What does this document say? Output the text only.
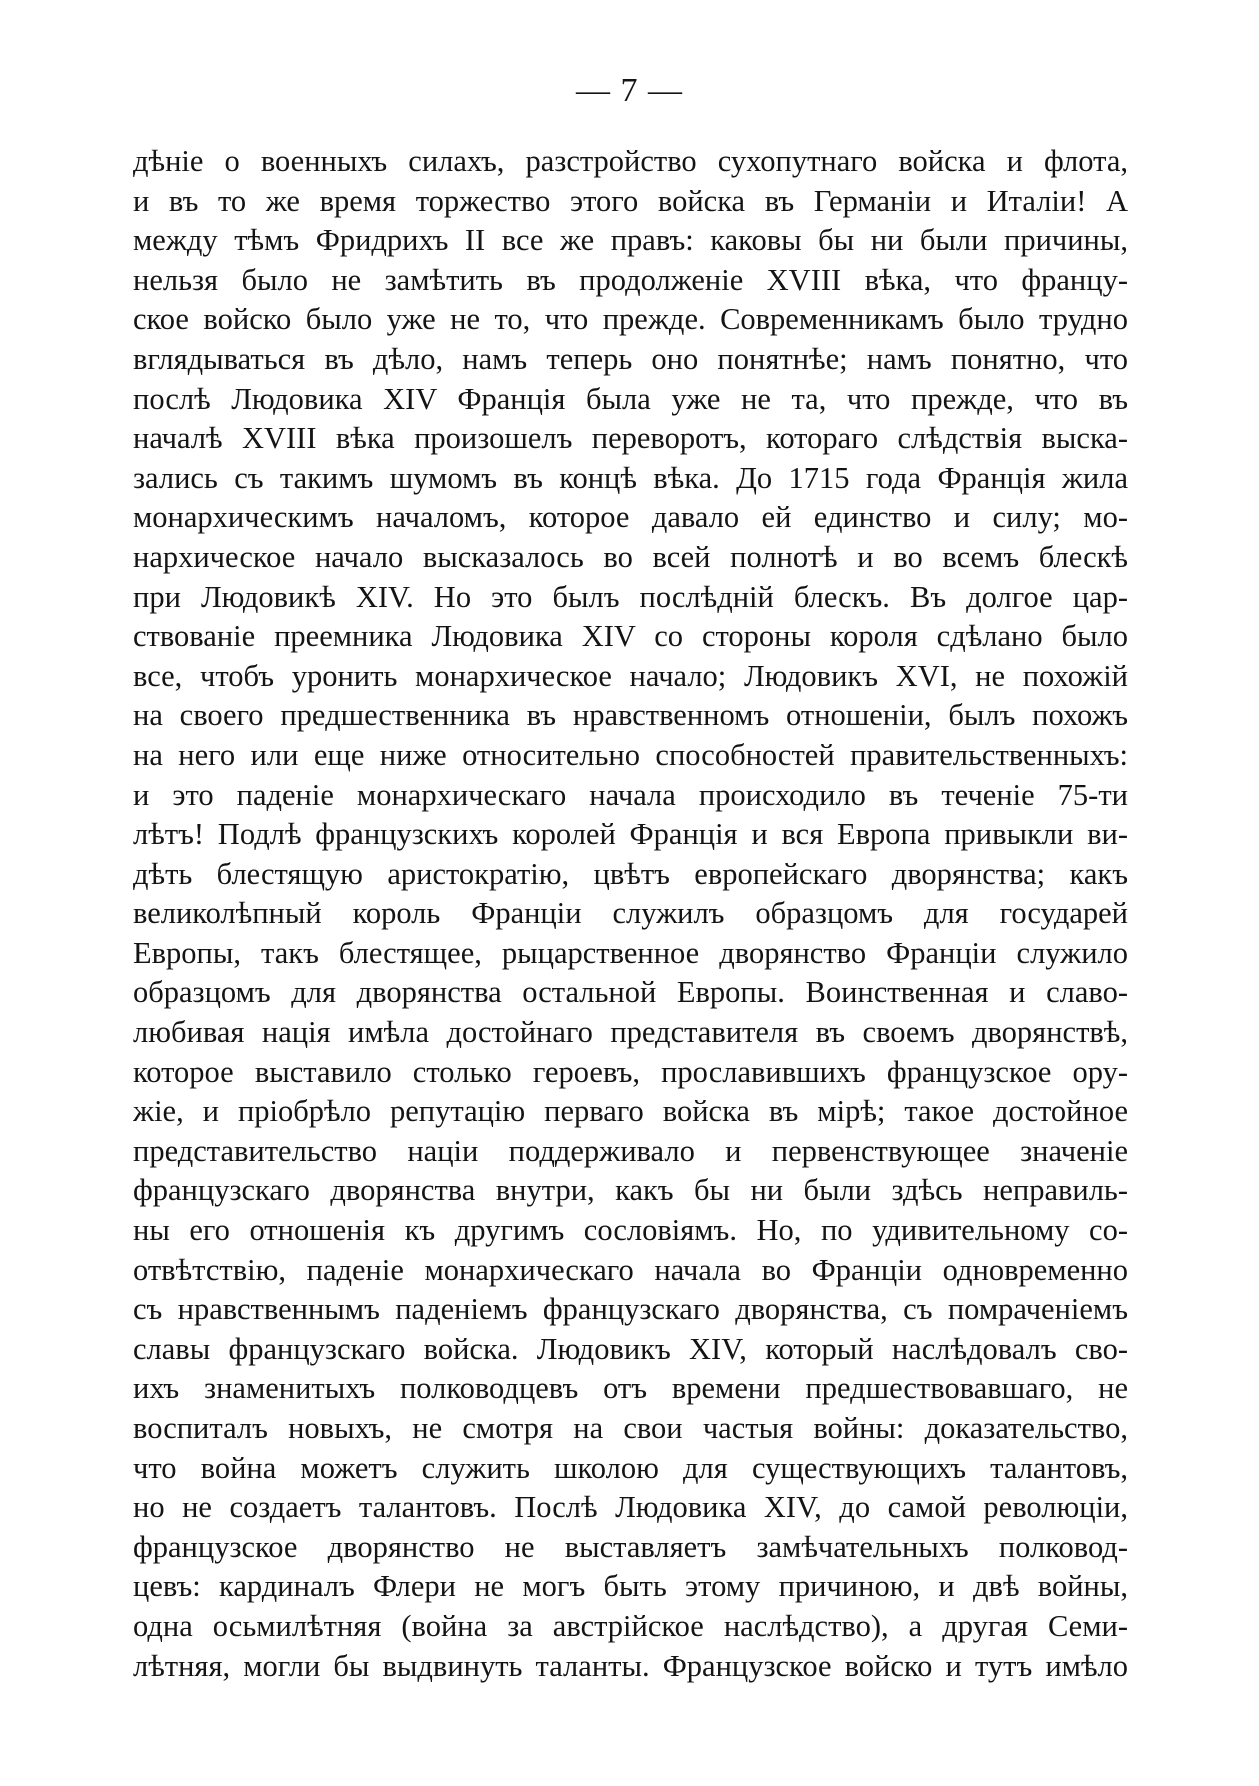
— 7 —
дѣніе о военныхъ силахъ, разстройство сухопутнаго войска и флота,
и въ то же время торжество этого войска въ Германіи и Италіи! А
между тѣмъ Фридрихъ II все же правъ: каковы бы ни были причины,
нельзя было не замѣтить въ продолженіе XVIII вѣка, что францу-
ское войско было уже не то, что прежде. Современникамъ было трудно
вглядываться въ дѣло, намъ теперь оно понятнѣе; намъ понятно, что
послѣ Людовика XIV Франція была уже не та, что прежде, что въ
началѣ XVIII вѣка произошелъ переворотъ, котораго слѣдствія выска-
зались съ такимъ шумомъ въ концѣ вѣка. До 1715 года Франція жила
монархическимъ началомъ, которое давало ей единство и силу; мо-
нархическое начало высказалось во всей полнотѣ и во всемъ блескѣ
при Людовикѣ XIV. Но это былъ послѣдній блескъ. Въ долгое цар-
ствованіе преемника Людовика XIV со стороны короля сдѣлано было
все, чтобъ уронить монархическое начало; Людовикъ XVI, не похожій
на своего предшественника въ нравственномъ отношеніи, былъ похожъ
на него или еще ниже относительно способностей правительственныхъ:
и это паденіе монархическаго начала происходило въ теченіе 75-ти
лѣтъ! Подлѣ французскихъ королей Франція и вся Европа привыкли ви-
дѣть блестящую аристократію, цвѣтъ европейскаго дворянства; какъ
великолѣпный король Франціи служилъ образцомъ для государей
Европы, такъ блестящее, рыцарственное дворянство Франціи служило
образцомъ для дворянства остальной Европы. Воинственная и славо-
любивая нація имѣла достойнаго представителя въ своемъ дворянствѣ,
которое выставило столько героевъ, прославившихъ французское ору-
жіе, и пріобрѣло репутацію перваго войска въ мірѣ; такое достойное
представительство націи поддерживало и первенствующее значеніе
французскаго дворянства внутри, какъ бы ни были здѣсь неправиль-
ны его отношенія къ другимъ сословіямъ. Но, по удивительному со-
отвѣтствію, паденіе монархическаго начала во Франціи одновременно
съ нравственнымъ паденіемъ французскаго дворянства, съ помраченіемъ
славы французскаго войска. Людовикъ XIV, который наслѣдовалъ сво-
ихъ знаменитыхъ полководцевъ отъ времени предшествовавшаго, не
воспиталъ новыхъ, не смотря на свои частыя войны: доказательство,
что война можетъ служить школою для существующихъ талантовъ,
но не создаетъ талантовъ. Послѣ Людовика XIV, до самой революціи,
французское дворянство не выставляетъ замѣчательныхъ полковод-
цевъ: кардиналъ Флери не могъ быть этому причиною, и двѣ войны,
одна осьмилѣтняя (война за австрійское наслѣдство), а другая Семи-
лѣтняя, могли бы выдвинуть таланты. Французское войско и тутъ имѣло
